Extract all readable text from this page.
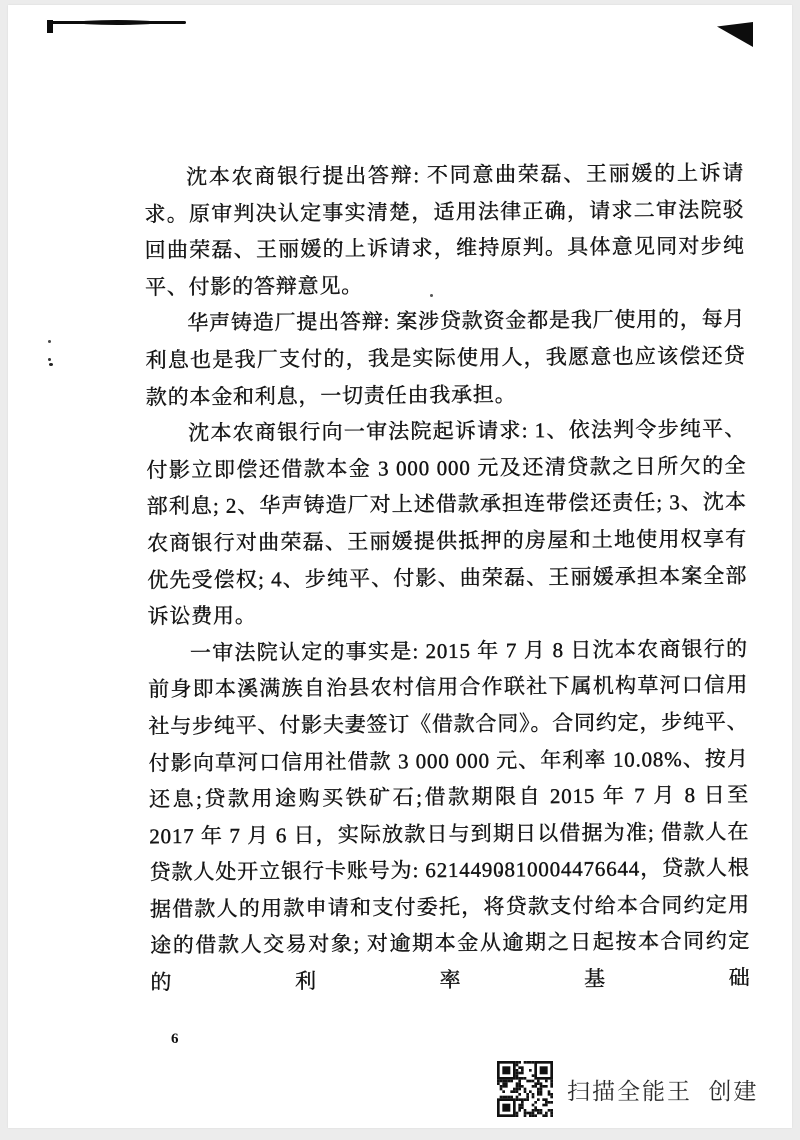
沈本农商银行提出答辩: 不同意曲荣磊、王丽媛的上诉请求。原审判决认定事实清楚，适用法律正确，请求二审法院驳回曲荣磊、王丽媛的上诉请求，维持原判。具体意见同对步纯平、付影的答辩意见。

华声铸造厂提出答辩: 案涉贷款资金都是我厂使用的，每月利息也是我厂支付的，我是实际使用人，我愿意也应该偿还贷款的本金和利息，一切责任由我承担。

沈本农商银行向一审法院起诉请求: 1、依法判令步纯平、付影立即偿还借款本金 3 000 000 元及还清贷款之日所欠的全部利息; 2、华声铸造厂对上述借款承担连带偿还责任; 3、沈本农商银行对曲荣磊、王丽媛提供抵押的房屋和土地使用权享有优先受偿权; 4、步纯平、付影、曲荣磊、王丽媛承担本案全部诉讼费用。

一审法院认定的事实是: 2015 年 7 月 8 日沈本农商银行的前身即本溪满族自治县农村信用合作联社下属机构草河口信用社与步纯平、付影夫妻签订《借款合同》。合同约定，步纯平、付影向草河口信用社借款 3 000 000 元、年利率 10.08%、按月还息;贷款用途购买铁矿石;借款期限自 2015 年 7 月 8 日至 2017 年 7 月 6 日，实际放款日与到期日以借据为准; 借款人在贷款人处开立银行卡账号为: 6214490810004476644，贷款人根据借款人的用款申请和支付委托，将贷款支付给本合同约定用途的借款人交易对象; 对逾期本金从逾期之日起按本合同约定的利率基础

6
扫描全能王 创建
